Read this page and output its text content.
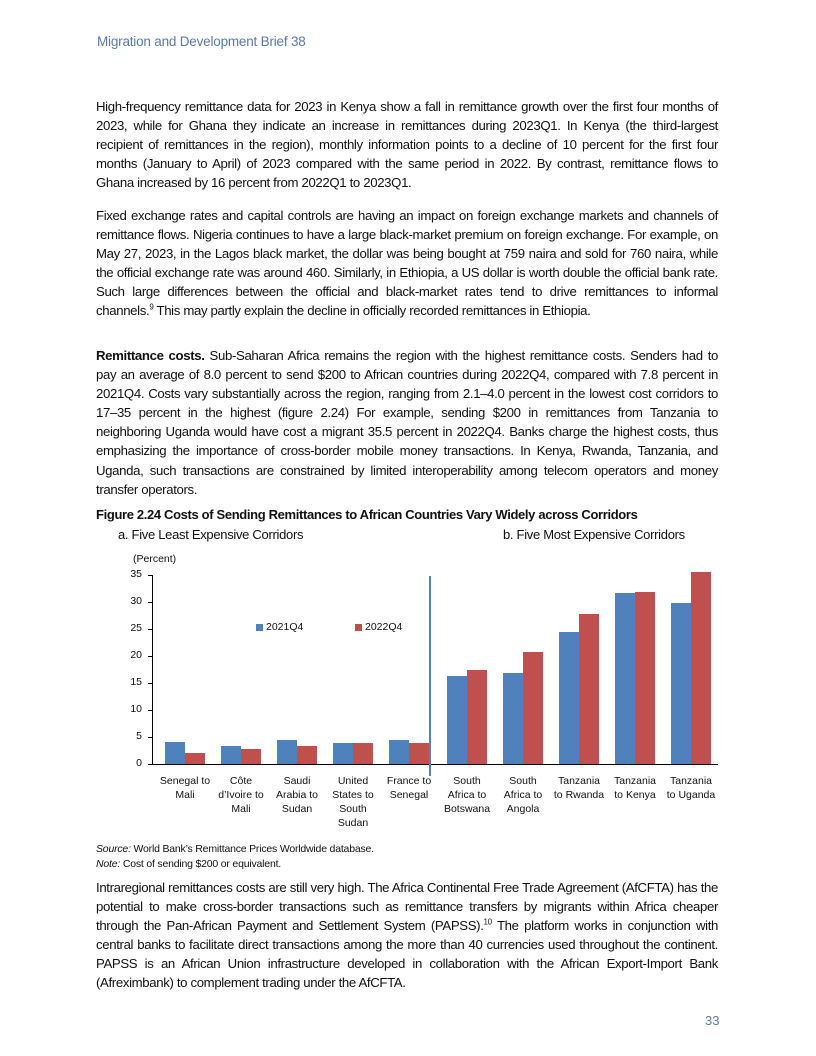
Migration and Development Brief 38
High-frequency remittance data for 2023 in Kenya show a fall in remittance growth over the first four months of 2023, while for Ghana they indicate an increase in remittances during 2023Q1. In Kenya (the third-largest recipient of remittances in the region), monthly information points to a decline of 10 percent for the first four months (January to April) of 2023 compared with the same period in 2022. By contrast, remittance flows to Ghana increased by 16 percent from 2022Q1 to 2023Q1.
Fixed exchange rates and capital controls are having an impact on foreign exchange markets and channels of remittance flows. Nigeria continues to have a large black-market premium on foreign exchange. For example, on May 27, 2023, in the Lagos black market, the dollar was being bought at 759 naira and sold for 760 naira, while the official exchange rate was around 460. Similarly, in Ethiopia, a US dollar is worth double the official bank rate. Such large differences between the official and black-market rates tend to drive remittances to informal channels.$^9$ This may partly explain the decline in officially recorded remittances in Ethiopia.
Remittance costs. Sub-Saharan Africa remains the region with the highest remittance costs. Senders had to pay an average of 8.0 percent to send $200 to African countries during 2022Q4, compared with 7.8 percent in 2021Q4. Costs vary substantially across the region, ranging from 2.1–4.0 percent in the lowest cost corridors to 17–35 percent in the highest (figure 2.24) For example, sending $200 in remittances from Tanzania to neighboring Uganda would have cost a migrant 35.5 percent in 2022Q4. Banks charge the highest costs, thus emphasizing the importance of cross-border mobile money transactions. In Kenya, Rwanda, Tanzania, and Uganda, such transactions are constrained by limited interoperability among telecom operators and money transfer operators.
Figure 2.24 Costs of Sending Remittances to African Countries Vary Widely across Corridors
a. Five Least Expensive Corridors	b. Five Most Expensive Corridors
(Percent)
0
5
10
15
20
25
30
35
Senegal to
Mali
Côte
d’Ivoire to
Mali
Saudi
Arabia to
Sudan
United
States to
South
Sudan
France to
Senegal
South
Africa to
Botswana
South
Africa to
Angola
Tanzania
to Rwanda
Tanzania
to Kenya
Tanzania
to Uganda
2021Q4	2022Q4
Source: World Bank’s Remittance Prices Worldwide database.
Note: Cost of sending $200 or equivalent.
Intraregional remittances costs are still very high. The Africa Continental Free Trade Agreement (AfCFTA) has the potential to make cross-border transactions such as remittance transfers by migrants within Africa cheaper through the Pan-African Payment and Settlement System (PAPSS).$^{10}$ The platform works in conjunction with central banks to facilitate direct transactions among the more than 40 currencies used throughout the continent. PAPSS is an African Union infrastructure developed in collaboration with the African Export-Import Bank (Afreximbank) to complement trading under the AfCFTA.
33
